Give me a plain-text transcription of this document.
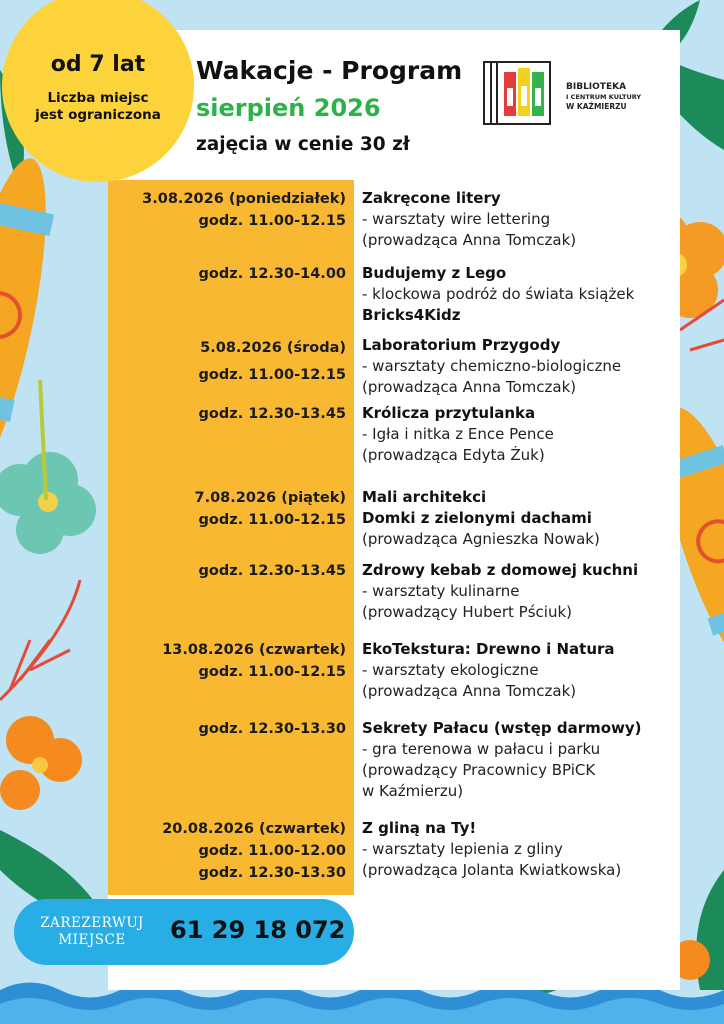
od 7 lat
Liczba miejsc
jest ograniczona
Wakacje - Program
sierpień 2026
zajęcia w cenie 30 zł
BIBLIOTEKA
I CENTRUM KULTURY
W KAŹMIERZU
3.08.2026 (poniedziałek)
godz. 11.00-12.15
Zakręcone litery
- warsztaty wire lettering
(prowadząca Anna Tomczak)
godz. 12.30-14.00 Budujemy z Lego
- klockowa podróż do świata książek
Bricks4Kidz
5.08.2026 (środa)
godz. 11.00-12.15
Laboratorium Przygody
- warsztaty chemiczno-biologiczne
(prowadząca Anna Tomczak)
godz. 12.30-13.45 Królicza przytulanka
- Igła i nitka z Ence Pence
(prowadząca Edyta Żuk)
7.08.2026 (piątek)
godz. 11.00-12.15
Mali architekci
Domki z zielonymi dachami
(prowadząca Agnieszka Nowak)
godz. 12.30-13.45 Zdrowy kebab z domowej kuchni
- warsztaty kulinarne
(prowadzący Hubert Pściuk)
13.08.2026 (czwartek)
godz. 11.00-12.15
EkoTekstura: Drewno i Natura
- warsztaty ekologiczne
(prowadząca Anna Tomczak)
godz. 12.30-13.30 Sekrety Pałacu (wstęp darmowy)
- gra terenowa w pałacu i parku
(prowadzący Pracownicy BPiCK
w Kaźmierzu)
20.08.2026 (czwartek)
godz. 11.00-12.00
godz. 12.30-13.30
Z gliną na Ty!
- warsztaty lepienia z gliny
(prowadząca Jolanta Kwiatkowska)
ZAREZERWUJ
MIEJSCE	61 29 18 072
